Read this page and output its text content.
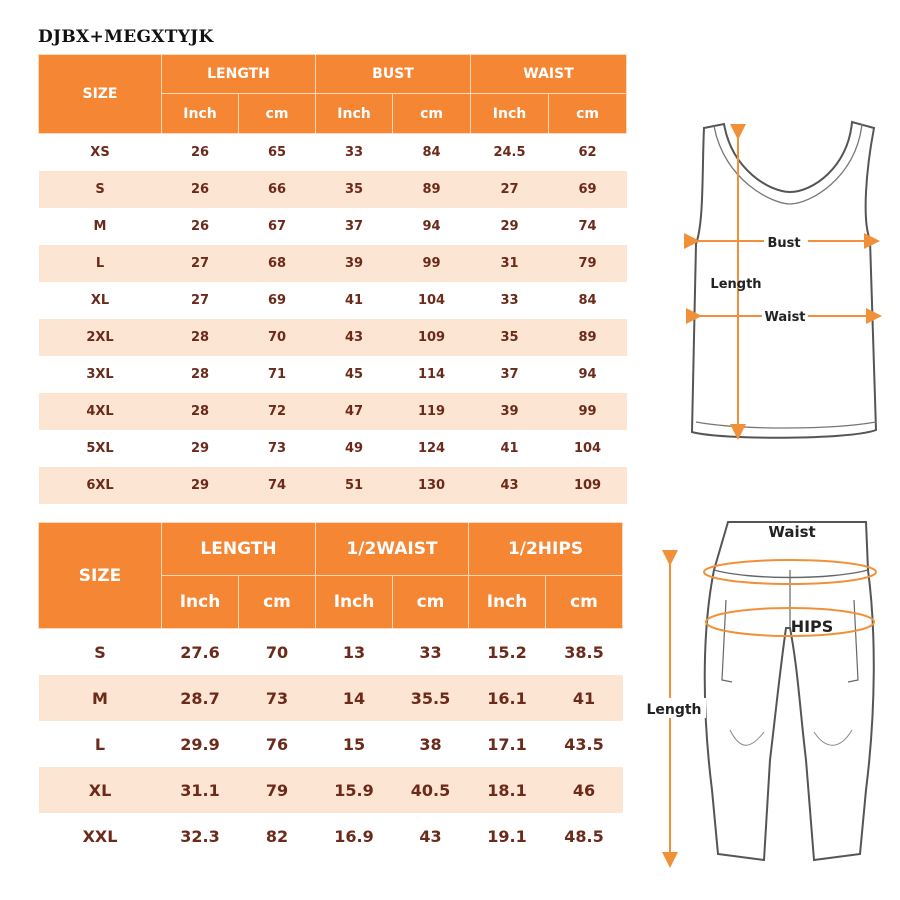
DJBX+MEGXTYJK
SIZE	LENGTH		BUST		WAIST	
	Inch	cm	Inch	cm	Inch	cm
XS	26	65	33	84	24.5	62
S	26	66	35	89	27	69
M	26	67	37	94	29	74
L	27	68	39	99	31	79
XL	27	69	41	104	33	84
2XL	28	70	43	109	35	89
3XL	28	71	45	114	37	94
4XL	28	72	47	119	39	99
5XL	29	73	49	124	41	104
6XL	29	74	51	130	43	109
SIZE	LENGTH		1/2WAIST		1/2HIPS	
	Inch	cm	Inch	cm	Inch	cm
S	27.6	70	13	33	15.2	38.5
M	28.7	73	14	35.5	16.1	41
L	29.9	76	15	38	17.1	43.5
XL	31.1	79	15.9	40.5	18.1	46
XXL	32.3	82	16.9	43	19.1	48.5
Bust
Length
Waist
Waist
HIPS
Length
